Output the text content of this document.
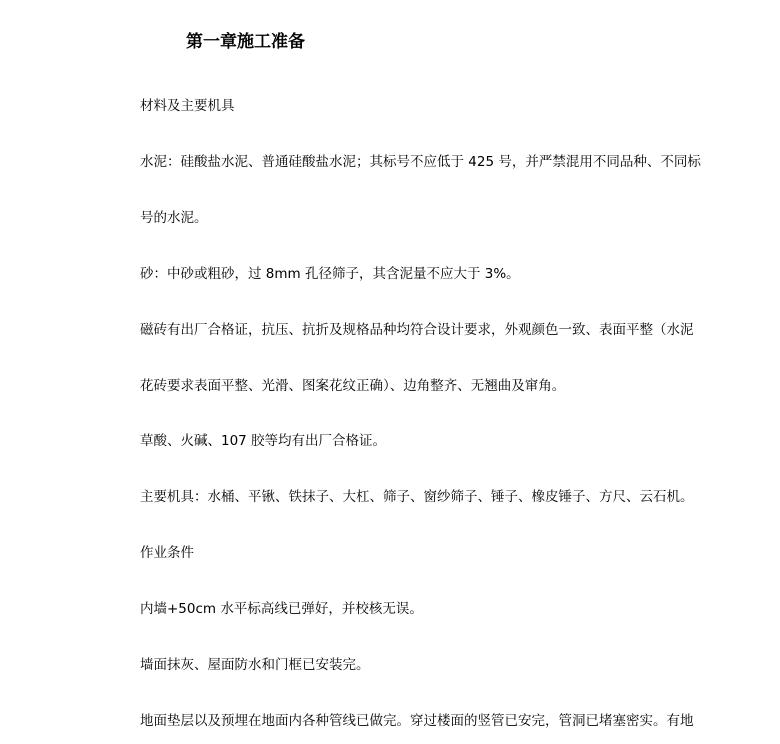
第一章施工准备
材料及主要机具
水泥：硅酸盐水泥、普通硅酸盐水泥；其标号不应低于 425 号，并严禁混用不同品种、不同标
号的水泥。
砂：中砂或粗砂，过 8mm 孔径筛子，其含泥量不应大于 3%。
磁砖有出厂合格证，抗压、抗折及规格品种均符合设计要求，外观颜色一致、表面平整（水泥
花砖要求表面平整、光滑、图案花纹正确）、边角整齐、无翘曲及窜角。
草酸、火碱、107 胶等均有出厂合格证。
主要机具：水桶、平锹、铁抹子、大杠、筛子、窗纱筛子、锤子、橡皮锤子、方尺、云石机。
作业条件
内墙+50cm 水平标高线已弹好，并校核无误。
墙面抹灰、屋面防水和门框已安装完。
地面垫层以及预埋在地面内各种管线已做完。穿过楼面的竖管已安完，管洞已堵塞密实。有地
